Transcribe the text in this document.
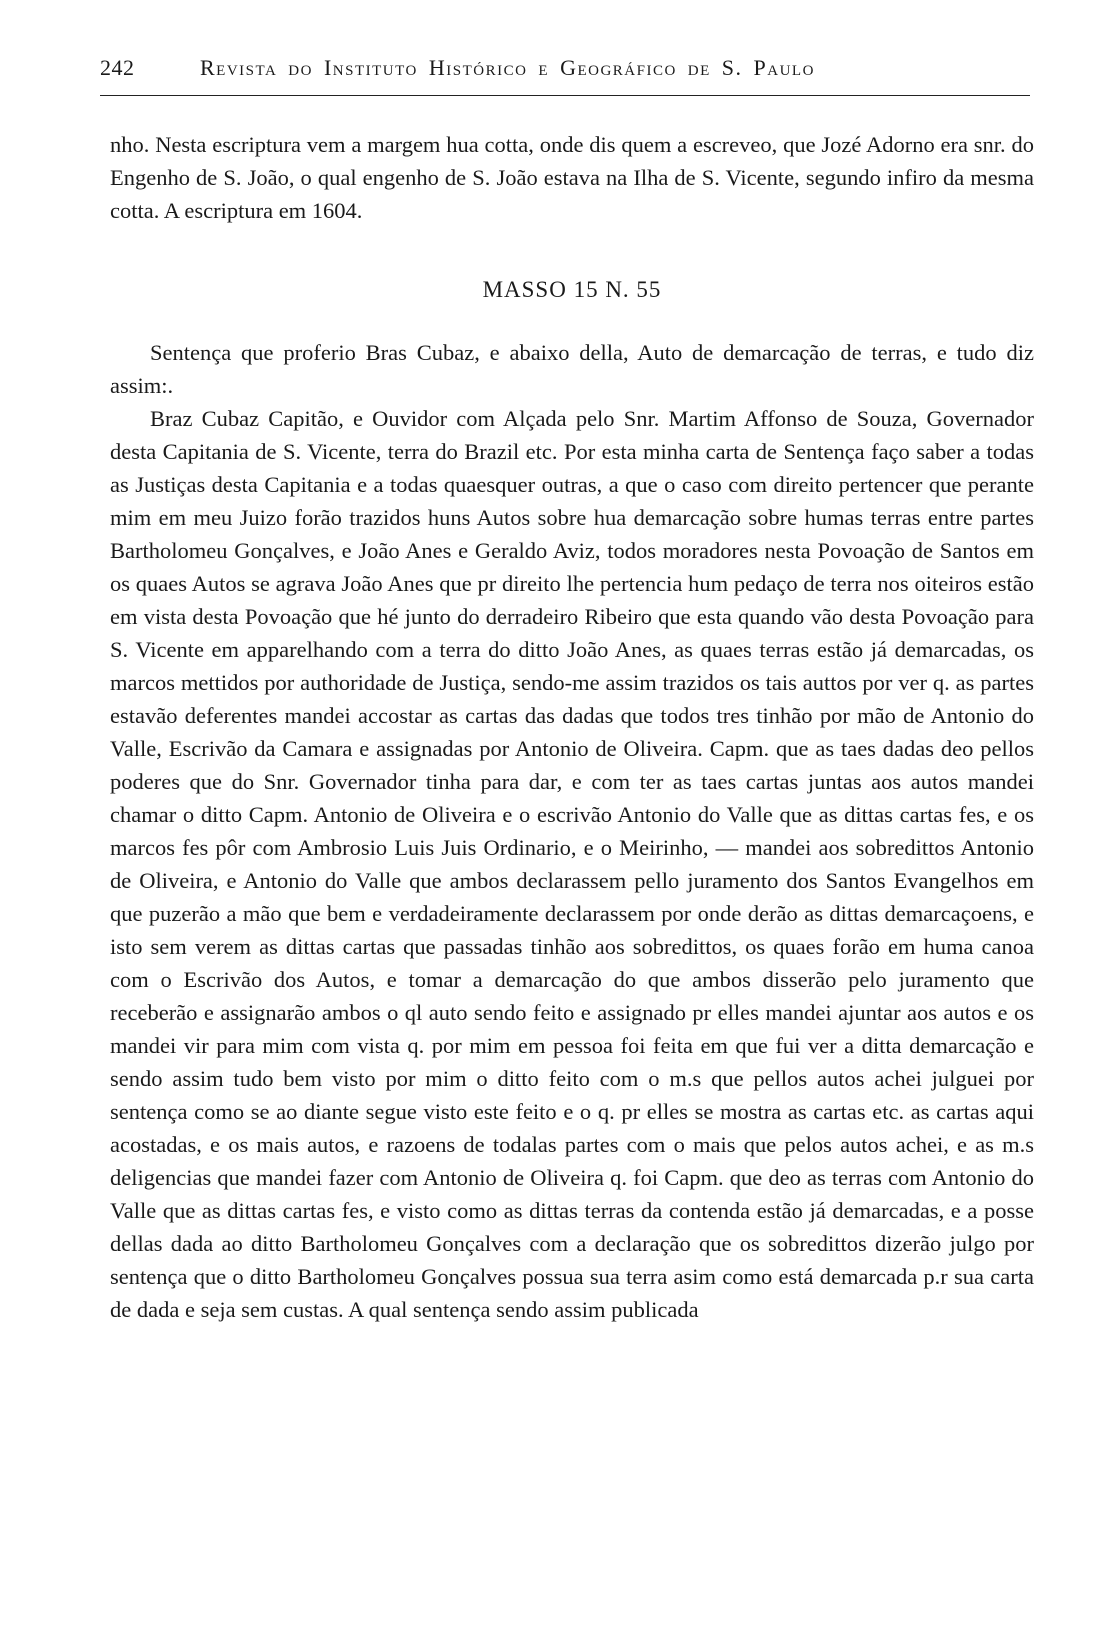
242	Revista do Instituto Histórico e Geográfico de S. Paulo

nho. Nesta escriptura vem a margem hua cotta, onde dis quem a escreveo, que Jozé Adorno era snr. do Engenho de S. João, o qual engenho de S. João estava na Ilha de S. Vicente, segundo infiro da mesma cotta. A escriptura em 1604.

MASSO 15 N. 55

Sentença que proferio Bras Cubaz, e abaixo della, Auto de demarcação de terras, e tudo diz assim:.

Braz Cubaz Capitão, e Ouvidor com Alçada pelo Snr. Martim Affonso de Souza, Governador desta Capitania de S. Vicente, terra do Brazil etc. Por esta minha carta de Sentença faço saber a todas as Justiças desta Capitania e a todas quaesquer outras, a que o caso com direito pertencer que perante mim em meu Juizo forão trazidos huns Autos sobre hua demarcação sobre humas terras entre partes Bartholomeu Gonçalves, e João Anes e Geraldo Aviz, todos moradores nesta Povoação de Santos em os quaes Autos se agrava João Anes que pr direito lhe pertencia hum pedaço de terra nos oiteiros estão em vista desta Povoação que hé junto do derradeiro Ribeiro que esta quando vão desta Povoação para S. Vicente em apparelhando com a terra do ditto João Anes, as quaes terras estão já demarcadas, os marcos mettidos por authoridade de Justiça, sendo-me assim trazidos os tais auttos por ver q. as partes estavão deferentes mandei accostar as cartas das dadas que todos tres tinhão por mão de Antonio do Valle, Escrivão da Camara e assignadas por Antonio de Oliveira. Capm. que as taes dadas deo pellos poderes que do Snr. Governador tinha para dar, e com ter as taes cartas juntas aos autos mandei chamar o ditto Capm. Antonio de Oliveira e o escrivão Antonio do Valle que as dittas cartas fes, e os marcos fes pôr com Ambrosio Luis Juis Ordinario, e o Meirinho, — mandei aos sobredittos Antonio de Oliveira, e Antonio do Valle que ambos declarassem pello juramento dos Santos Evangelhos em que puzerão a mão que bem e verdadeiramente declarassem por onde derão as dittas demarcaçoens, e isto sem verem as dittas cartas que passadas tinhão aos sobredittos, os quaes forão em huma canoa com o Escrivão dos Autos, e tomar a demarcação do que ambos disserão pelo juramento que receberão e assignarão ambos o ql auto sendo feito e assignado pr elles mandei ajuntar aos autos e os mandei vir para mim com vista q. por mim em pessoa foi feita em que fui ver a ditta demarcação e sendo assim tudo bem visto por mim o ditto feito com o m.s que pellos autos achei julguei por sentença como se ao diante segue visto este feito e o q. pr elles se mostra as cartas etc. as cartas aqui acostadas, e os mais autos, e razoens de todalas partes com o mais que pelos autos achei, e as m.s deligencias que mandei fazer com Antonio de Oliveira q. foi Capm. que deo as terras com Antonio do Valle que as dittas cartas fes, e visto como as dittas terras da contenda estão já demarcadas, e a posse dellas dada ao ditto Bartholomeu Gonçalves com a declaração que os sobredittos dizerão julgo por sentença que o ditto Bartholomeu Gonçalves possua sua terra asim como está demarcada p.r sua carta de dada e seja sem custas. A qual sentença sendo assim publicada
